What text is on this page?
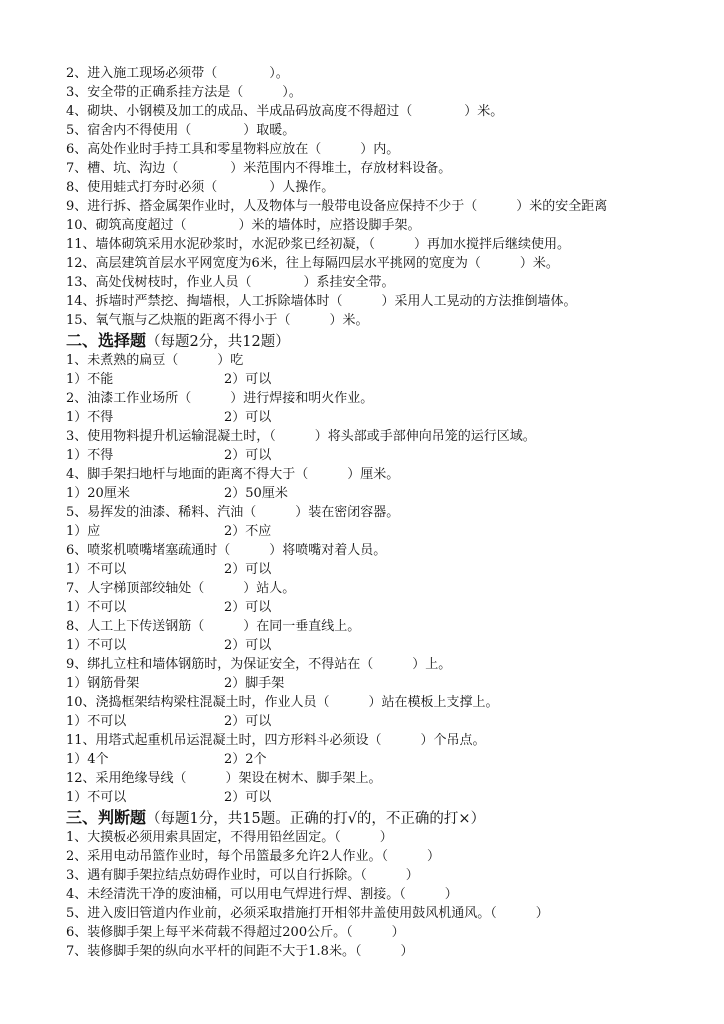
2、进入施工现场必须带（　　　　）。
3、安全带的正确系挂方法是（　　　）。
4、砌块、小钢模及加工的成品、半成品码放高度不得超过（　　　　）米。
5、宿舍内不得使用（　　　　）取暖。
6、高处作业时手持工具和零星物料应放在（　　　）内。
7、槽、坑、沟边（　　　　）米范围内不得堆土，存放材料设备。
8、使用蛙式打夯时必须（　　　　）人操作。
9、进行拆、搭金属架作业时，人及物体与一般带电设备应保持不少于（　　　）米的安全距离
10、砌筑高度超过（　　　　）米的墙体时，应搭设脚手架。
11、墙体砌筑采用水泥砂浆时，水泥砂浆已经初凝，（　　　）再加水搅拌后继续使用。
12、高层建筑首层水平网宽度为6米，往上每隔四层水平挑网的宽度为（　　　）米。
13、高处伐树枝时，作业人员（　　　　）系挂安全带。
14、拆墙时严禁挖、掏墙根，人工拆除墙体时（　　　）采用人工晃动的方法推倒墙体。
15、氧气瓶与乙炔瓶的距离不得小于（　　　）米。
二、选择题（每题2分，共12题）
1、未煮熟的扁豆（　　　）吃
1）不能	2）可以
2、油漆工作业场所（　　　）进行焊接和明火作业。
1）不得	2）可以
3、使用物料提升机运输混凝土时，（　　　）将头部或手部伸向吊笼的运行区域。
1）不得	2）可以
4、脚手架扫地杆与地面的距离不得大于（　　　）厘米。
1）20厘米	2）50厘米
5、易挥发的油漆、稀料、汽油（　　　）装在密闭容器。
1）应	2）不应
6、喷浆机喷嘴堵塞疏通时（　　　）将喷嘴对着人员。
1）不可以	2）可以
7、人字梯顶部绞轴处（　　　）站人。
1）不可以	2）可以
8、人工上下传送钢筋（　　　）在同一垂直线上。
1）不可以	2）可以
9、绑扎立柱和墙体钢筋时，为保证安全，不得站在（　　　）上。
1）钢筋骨架	2）脚手架
10、浇捣框架结构梁柱混凝土时，作业人员（　　　）站在模板上支撑上。
1）不可以	2）可以
11、用塔式起重机吊运混凝土时，四方形料斗必须设（　　　）个吊点。
1）4个	2）2个
12、采用绝缘导线（　　　）架设在树木、脚手架上。
1）不可以	2）可以
三、判断题（每题1分，共15题。正确的打√的，不正确的打×）
1、大摸板必须用索具固定，不得用铅丝固定。（　　　）
2、采用电动吊篮作业时，每个吊篮最多允许2人作业。（　　　）
3、遇有脚手架拉结点妨碍作业时，可以自行拆除。（　　　）
4、未经清洗干净的废油桶，可以用电气焊进行焊、割接。（　　　）
5、进入废旧管道内作业前，必须采取措施打开相邻井盖使用鼓风机通风。（　　　）
6、装修脚手架上每平米荷载不得超过200公斤。（　　　）
7、装修脚手架的纵向水平杆的间距不大于1.8米。（　　　）
